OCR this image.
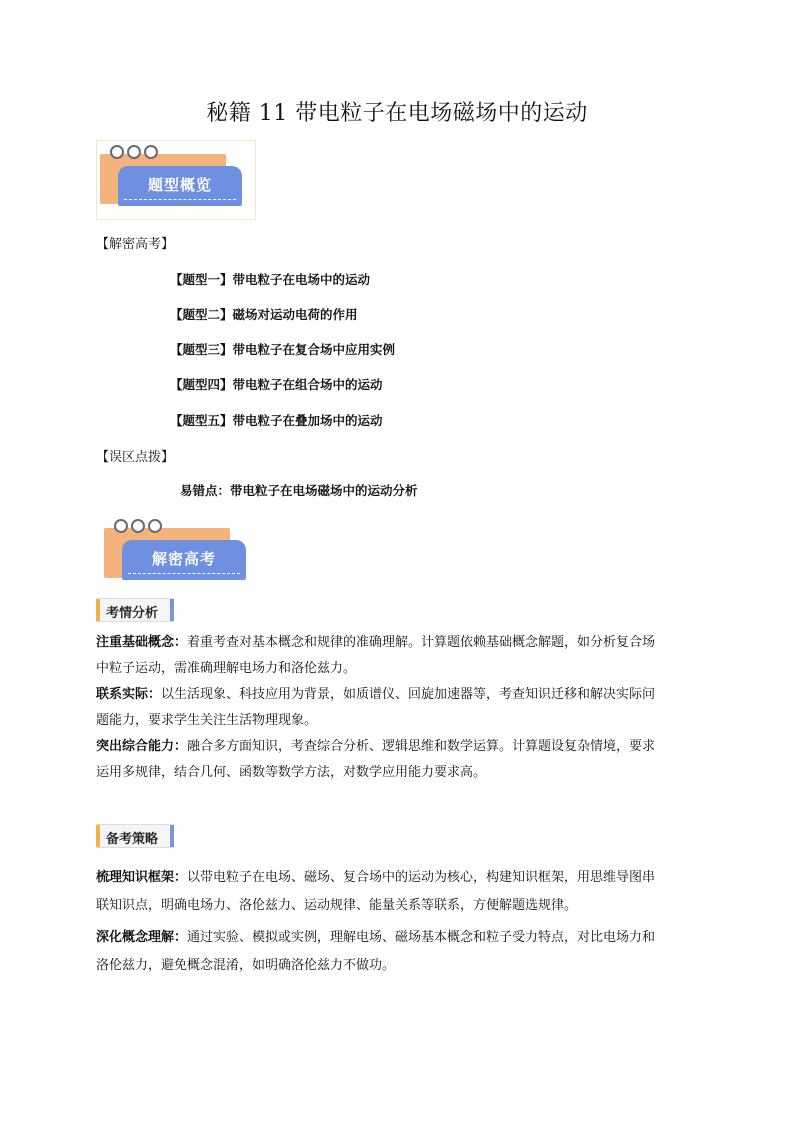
秘籍 11 带电粒子在电场磁场中的运动
题型概览
【解密高考】
【题型一】带电粒子在电场中的运动
【题型二】磁场对运动电荷的作用
【题型三】带电粒子在复合场中应用实例
【题型四】带电粒子在组合场中的运动
【题型五】带电粒子在叠加场中的运动
【误区点拨】
易错点：带电粒子在电场磁场中的运动分析
解密高考
考情分析
注重基础概念：着重考查对基本概念和规律的准确理解。计算题依赖基础概念解题，如分析复合场
中粒子运动，需准确理解电场力和洛伦兹力。
联系实际：以生活现象、科技应用为背景，如质谱仪、回旋加速器等，考查知识迁移和解决实际问
题能力，要求学生关注生活物理现象。
突出综合能力：融合多方面知识，考查综合分析、逻辑思维和数学运算。计算题设复杂情境，要求
运用多规律，结合几何、函数等数学方法，对数学应用能力要求高。
备考策略
梳理知识框架：以带电粒子在电场、磁场、复合场中的运动为核心，构建知识框架，用思维导图串
联知识点，明确电场力、洛伦兹力、运动规律、能量关系等联系，方便解题选规律。
深化概念理解：通过实验、模拟或实例，理解电场、磁场基本概念和粒子受力特点，对比电场力和
洛伦兹力，避免概念混淆，如明确洛伦兹力不做功。
